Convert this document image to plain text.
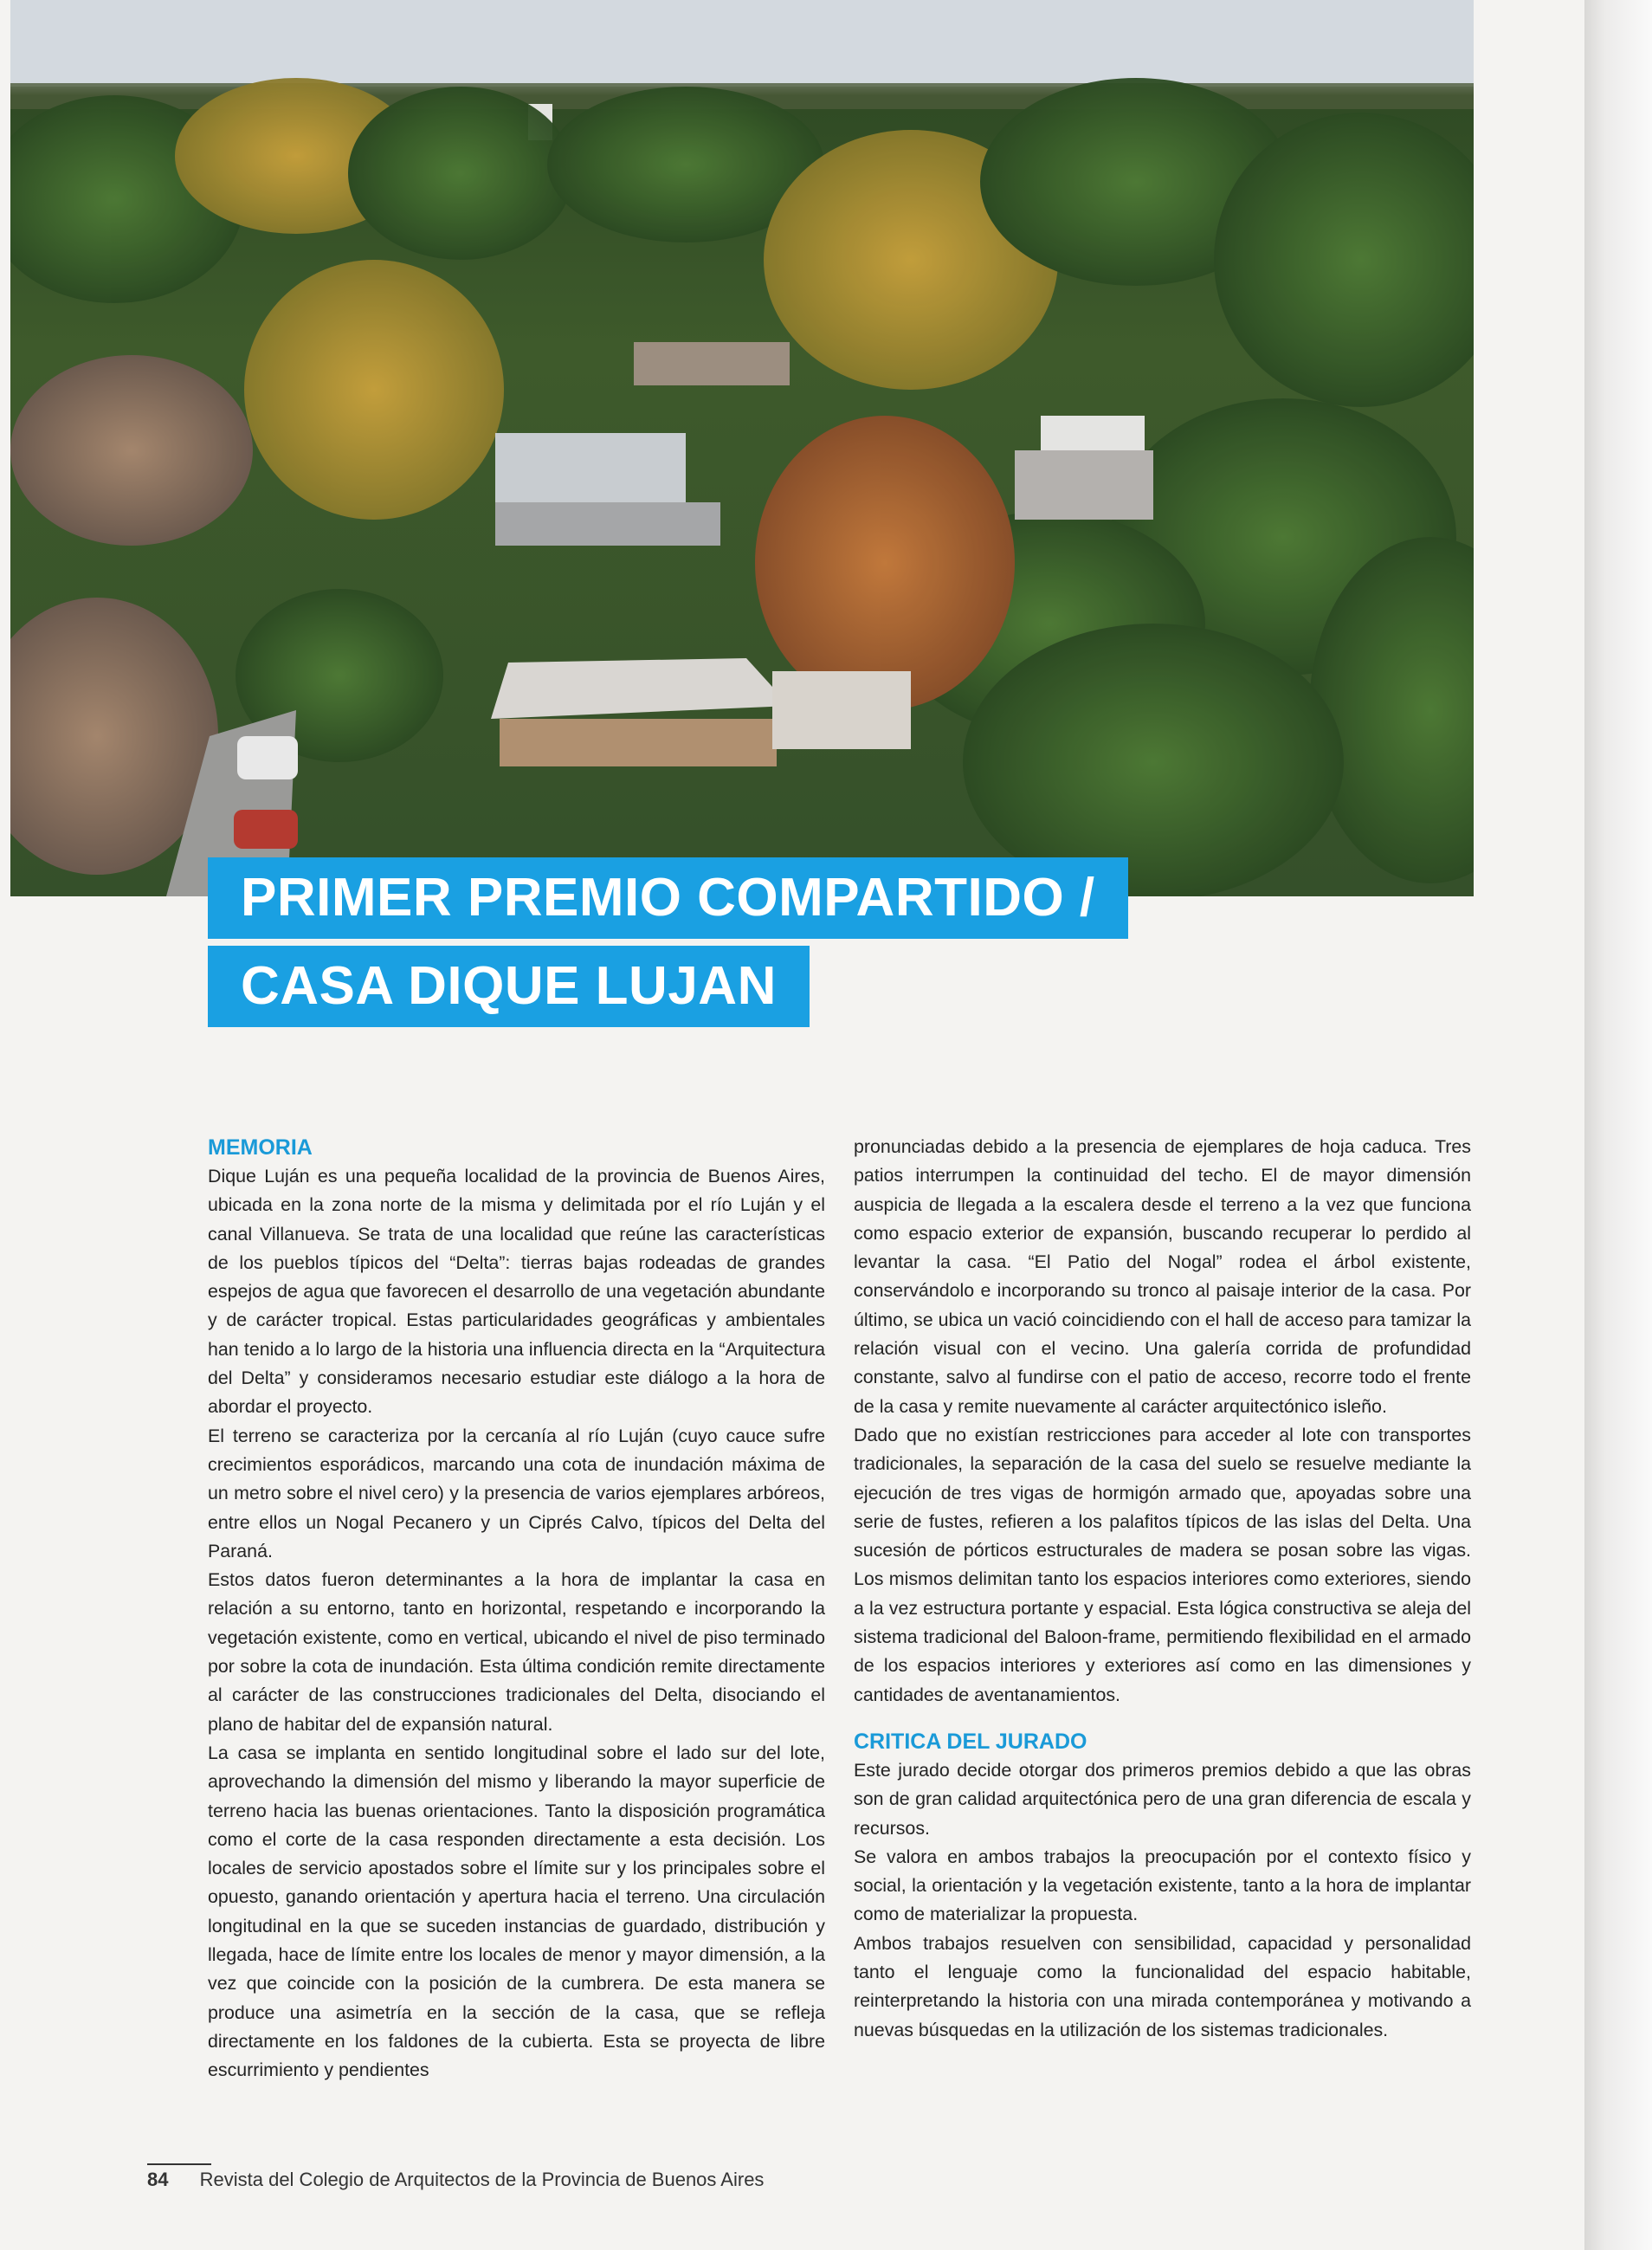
PRIMER PREMIO COMPARTIDO /
CASA DIQUE LUJAN
MEMORIA

Dique Luján es una pequeña localidad de la provincia de Buenos Aires, ubicada en la zona norte de la misma y delimitada por el río Luján y el canal Villanueva. Se trata de una localidad que reúne las características de los pueblos típicos del “Delta”: tierras bajas rodeadas de grandes espejos de agua que favorecen el desarrollo de una vegetación abundante y de carácter tropical. Estas particularidades geográficas y ambientales han tenido a lo largo de la historia una influencia directa en la “Arquitectura del Delta” y consideramos necesario estudiar este diálogo a la hora de abordar el proyecto.

El terreno se caracteriza por la cercanía al río Luján (cuyo cauce sufre crecimientos esporádicos, marcando una cota de inundación máxima de un metro sobre el nivel cero) y la presencia de varios ejemplares arbóreos, entre ellos un Nogal Pecanero y un Ciprés Calvo, típicos del Delta del Paraná.

Estos datos fueron determinantes a la hora de implantar la casa en relación a su entorno, tanto en horizontal, respetando e incorporando la vegetación existente, como en vertical, ubicando el nivel de piso terminado por sobre la cota de inundación. Esta última condición remite directamente al carácter de las construcciones tradicionales del Delta, disociando el plano de habitar del de expansión natural.

La casa se implanta en sentido longitudinal sobre el lado sur del lote, aprovechando la dimensión del mismo y liberando la mayor superficie de terreno hacia las buenas orientaciones. Tanto la disposición programática como el corte de la casa responden directamente a esta decisión. Los locales de servicio apostados sobre el límite sur y los principales sobre el opuesto, ganando orientación y apertura hacia el terreno. Una circulación longitudinal en la que se suceden instancias de guardado, distribución y llegada, hace de límite entre los locales de menor y mayor dimensión, a la vez que coincide con la posición de la cumbrera. De esta manera se produce una asimetría en la sección de la casa, que se refleja directamente en los faldones de la cubierta. Esta se proyecta de libre escurrimiento y pendientes

pronunciadas debido a la presencia de ejemplares de hoja caduca. Tres patios interrumpen la continuidad del techo. El de mayor dimensión auspicia de llegada a la escalera desde el terreno a la vez que funciona como espacio exterior de expansión, buscando recuperar lo perdido al levantar la casa. “El Patio del Nogal” rodea el árbol existente, conservándolo e incorporando su tronco al paisaje interior de la casa. Por último, se ubica un vació coincidiendo con el hall de acceso para tamizar la relación visual con el vecino. Una galería corrida de profundidad constante, salvo al fundirse con el patio de acceso, recorre todo el frente de la casa y remite nuevamente al carácter arquitectónico isleño.

Dado que no existían restricciones para acceder al lote con transportes tradicionales, la separación de la casa del suelo se resuelve mediante la ejecución de tres vigas de hormigón armado que, apoyadas sobre una serie de fustes, refieren a los palafitos típicos de las islas del Delta. Una sucesión de pórticos estructurales de madera se posan sobre las vigas. Los mismos delimitan tanto los espacios interiores como exteriores, siendo a la vez estructura portante y espacial. Esta lógica constructiva se aleja del sistema tradicional del Baloon-frame, permitiendo flexibilidad en el armado de los espacios interiores y exteriores así como en las dimensiones y cantidades de aventanamientos.

CRITICA DEL JURADO

Este jurado decide otorgar dos primeros premios debido a que las obras son de gran calidad arquitectónica pero de una gran diferencia de escala y recursos.

Se valora en ambos trabajos la preocupación por el contexto físico y social, la orientación y la vegetación existente, tanto a la hora de implantar como de materializar la propuesta.

Ambos trabajos resuelven con sensibilidad, capacidad y personalidad tanto el lenguaje como la funcionalidad del espacio habitable, reinterpretando la historia con una mirada contemporánea y motivando a nuevas búsquedas en la utilización de los sistemas tradicionales.

84 Revista del Colegio de Arquitectos de la Provincia de Buenos Aires
